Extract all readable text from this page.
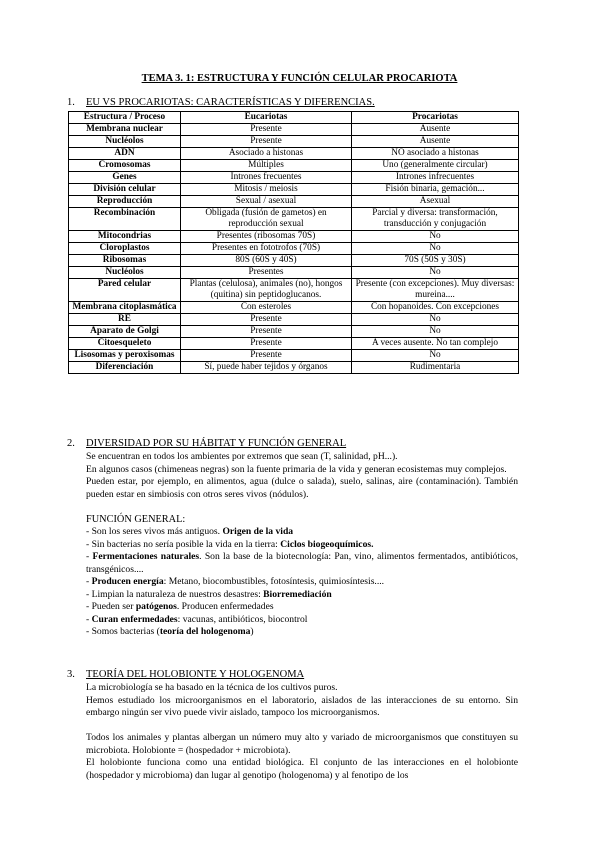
TEMA 3. 1: ESTRUCTURA Y FUNCIÓN CELULAR PROCARIOTA
1. EU VS PROCARIOTAS: CARACTERÍSTICAS Y DIFERENCIAS.
Estructura / Proceso	Eucariotas	Procariotas
Membrana nuclear	Presente	Ausente
Nucléolos	Presente	Ausente
ADN	Asociado a histonas	NO asociado a histonas
Cromosomas	Múltiples	Uno (generalmente circular)
Genes	Intrones frecuentes	Intrones infrecuentes
División celular	Mitosis / meiosis	Fisión binaria, gemación...
Reproducción	Sexual / asexual	Asexual
Recombinación	Obligada (fusión de gametos) en reproducción sexual	Parcial y diversa: transformación, transducción y conjugación
Mitocondrias	Presentes (ribosomas 70S)	No
Cloroplastos	Presentes en fototrofos (70S)	No
Ribosomas	80S (60S y 40S)	70S (50S y 30S)
Nucléolos	Presentes	No
Pared celular	Plantas (celulosa), animales (no), hongos (quitina) sin peptidoglucanos.	Presente (con excepciones). Muy diversas: mureina....
Membrana citoplasmática	Con esteroles	Con hopanoides. Con excepciones
RE	Presente	No
Aparato de Golgi	Presente	No
Citoesqueleto	Presente	A veces ausente. No tan complejo
Lisosomas y peroxisomas	Presente	No
Diferenciación	Sí, puede haber tejidos y órganos	Rudimentaria
2. DIVERSIDAD POR SU HÁBITAT Y FUNCIÓN GENERAL

Se encuentran en todos los ambientes por extremos que sean (T, salinidad, pH...).

En algunos casos (chimeneas negras) son la fuente primaria de la vida y generan ecosistemas muy complejos.

Pueden estar, por ejemplo, en alimentos, agua (dulce o salada), suelo, salinas, aire (contaminación). También pueden estar en simbiosis con otros seres vivos (nódulos).

FUNCIÓN GENERAL:

- Son los seres vivos más antiguos. Origen de la vida

- Sin bacterias no sería posible la vida en la tierra: Ciclos biogeoquímicos.

- Fermentaciones naturales. Son la base de la biotecnología: Pan, vino, alimentos fermentados, antibióticos, transgénicos....

- Producen energía: Metano, biocombustibles, fotosíntesis, quimiosíntesis....

- Limpian la naturaleza de nuestros desastres: Biorremediación

- Pueden ser patógenos. Producen enfermedades

- Curan enfermedades: vacunas, antibióticos, biocontrol

- Somos bacterias (teoría del hologenoma)

3. TEORÍA DEL HOLOBIONTE Y HOLOGENOMA

La microbiología se ha basado en la técnica de los cultivos puros.

Hemos estudiado los microorganismos en el laboratorio, aislados de las interacciones de su entorno. Sin embargo ningún ser vivo puede vivir aislado, tampoco los microorganismos.

Todos los animales y plantas albergan un número muy alto y variado de microorganismos que constituyen su microbiota. Holobionte = (hospedador + microbiota).

El holobionte funciona como una entidad biológica. El conjunto de las interacciones en el holobionte (hospedador y microbioma) dan lugar al genotipo (hologenoma) y al fenotipo de los
